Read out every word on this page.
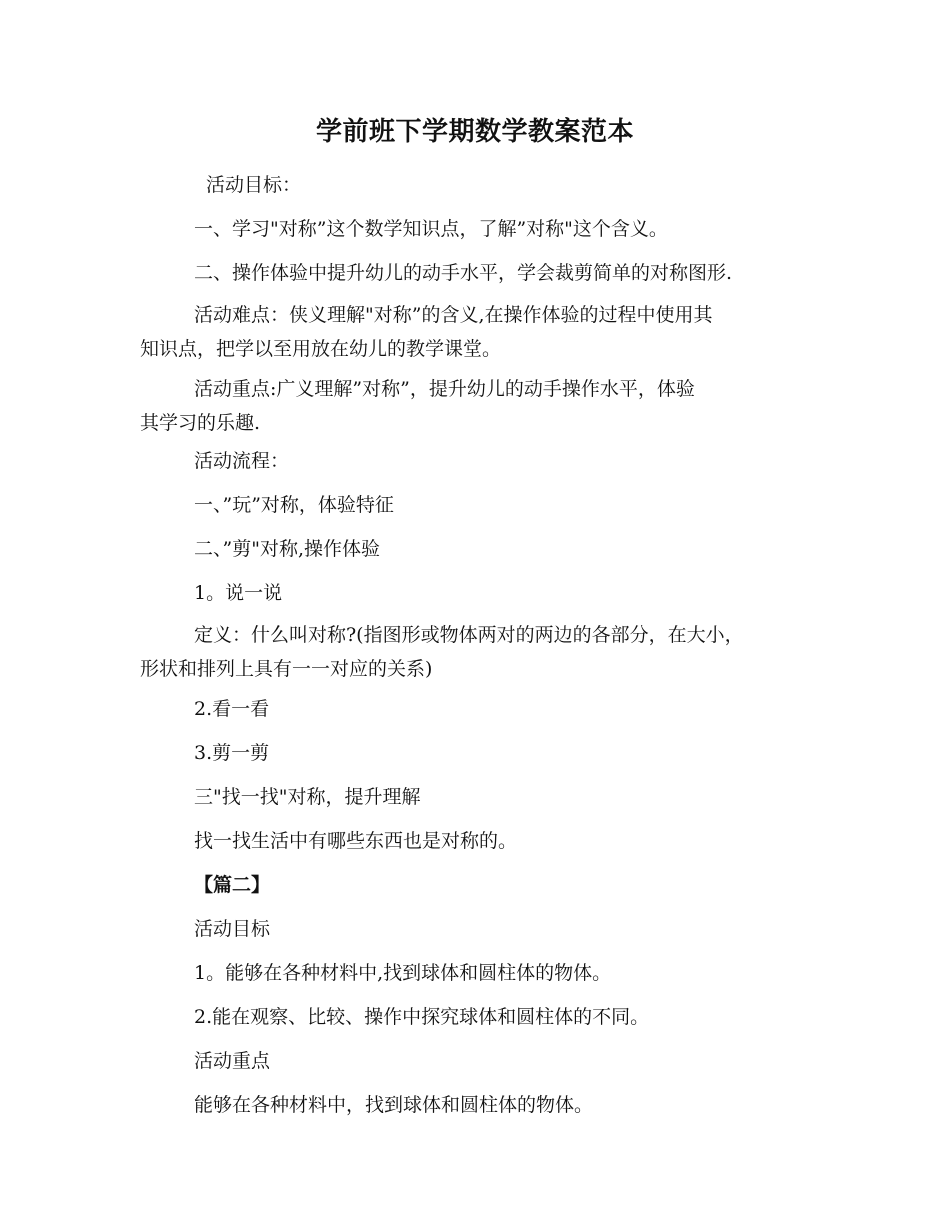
学前班下学期数学教案范本
活动目标：
一、学习"对称”这个数学知识点，了解”对称"这个含义。
二、操作体验中提升幼儿的动手水平，学会裁剪简单的对称图形.
活动难点：侠义理解"对称”的含义,在操作体验的过程中使用其
知识点，把学以至用放在幼儿的教学课堂。
活动重点:广义理解”对称”，提升幼儿的动手操作水平，体验
其学习的乐趣.
活动流程：
一、”玩”对称，体验特征
二、”剪"对称,操作体验
1。说一说
定义：什么叫对称?(指图形或物体两对的两边的各部分，在大小，
形状和排列上具有一一对应的关系)
2.看一看
3.剪一剪
三"找一找"对称，提升理解
找一找生活中有哪些东西也是对称的。
【篇二】
活动目标
1。能够在各种材料中,找到球体和圆柱体的物体。
2.能在观察、比较、操作中探究球体和圆柱体的不同。
活动重点
能够在各种材料中，找到球体和圆柱体的物体。
